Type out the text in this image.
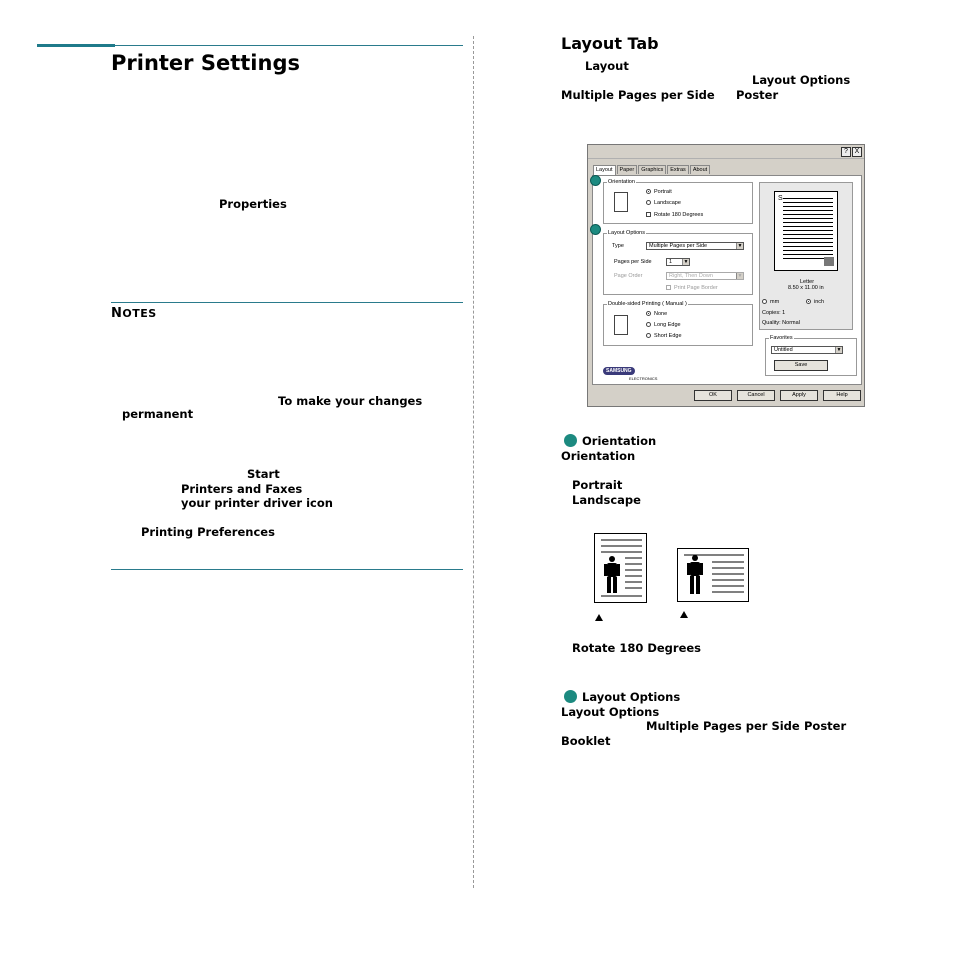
Printer Settings
Properties
NOTES
To make your changes
permanent
Start
Printers and Faxes
your printer driver icon
Printing Preferences
Layout Tab
Layout
Layout Options
Multiple Pages per Side Poster
? X
Layout Paper Graphics Extras About
Orientation
Portrait
Landscape
Rotate 180 Degrees
Layout Options
Type	Multiple Pages per Side	▼
Pages per Side	1	▼
Page Order	Right, Then Down	▼
Print Page Border
Double-sided Printing ( Manual )
None
Long Edge
Short Edge
S
Letter
8.50 x 11.00 in
mm	inch
Copies: 1
Quality: Normal
Favorites
Untitled	▼
Save
SAMSUNG
ELECTRONICS
OK	Cancel	Apply	Help
Orientation
Orientation
Portrait
Landscape
Rotate 180 Degrees
Layout Options
Layout Options
Multiple Pages per Side Poster
Booklet
